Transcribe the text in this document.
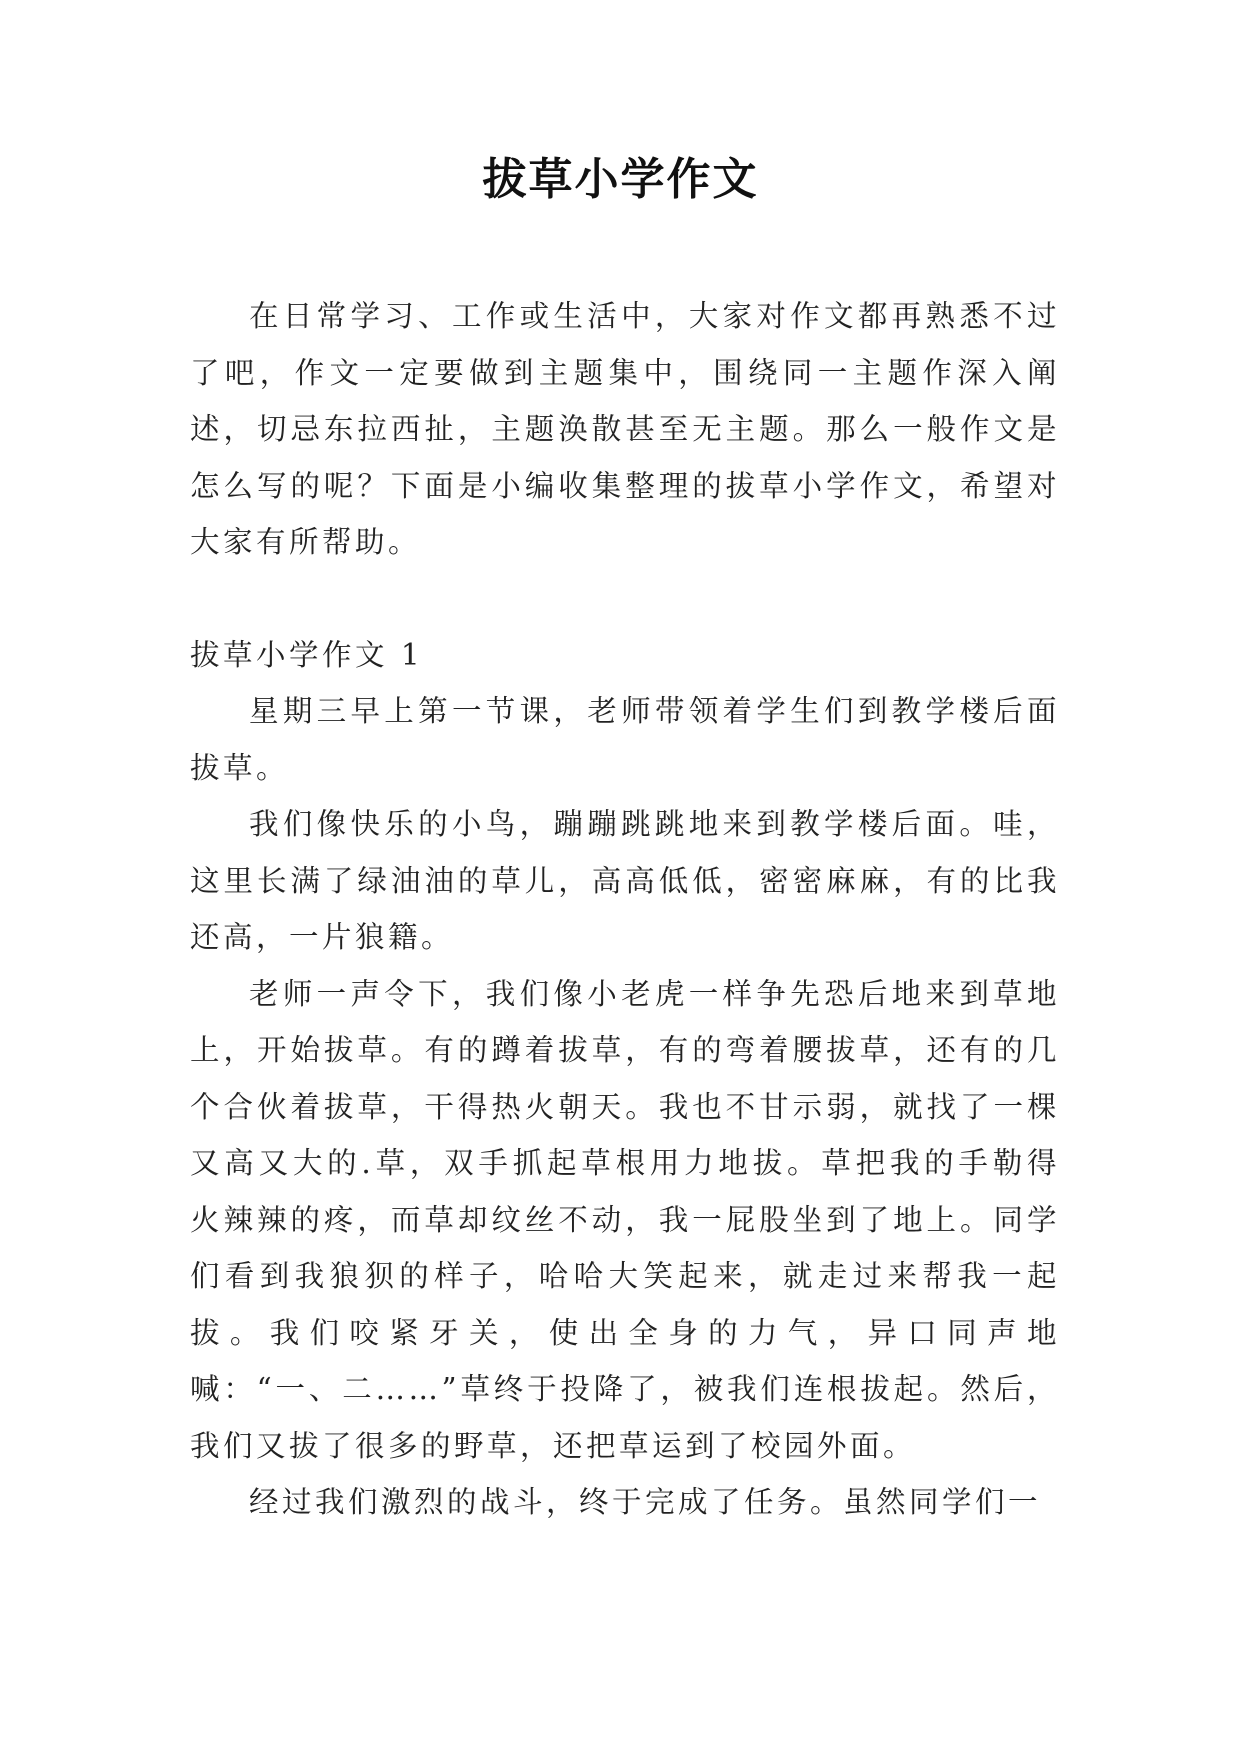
拔草小学作文

在日常学习、工作或生活中，大家对作文都再熟悉不过了吧，作文一定要做到主题集中，围绕同一主题作深入阐述，切忌东拉西扯，主题涣散甚至无主题。那么一般作文是怎么写的呢？下面是小编收集整理的拔草小学作文，希望对大家有所帮助。

拔草小学作文 1

星期三早上第一节课，老师带领着学生们到教学楼后面拔草。

我们像快乐的小鸟，蹦蹦跳跳地来到教学楼后面。哇，这里长满了绿油油的草儿，高高低低，密密麻麻，有的比我还高，一片狼籍。

老师一声令下，我们像小老虎一样争先恐后地来到草地上，开始拔草。有的蹲着拔草，有的弯着腰拔草，还有的几个合伙着拔草，干得热火朝天。我也不甘示弱，就找了一棵又高又大的.草，双手抓起草根用力地拔。草把我的手勒得火辣辣的疼，而草却纹丝不动，我一屁股坐到了地上。同学们看到我狼狈的样子，哈哈大笑起来，就走过来帮我一起拔。我们咬紧牙关，使出全身的力气，异口同声地喊：“一、二……”草终于投降了，被我们连根拔起。然后，我们又拔了很多的野草，还把草运到了校园外面。

经过我们激烈的战斗，终于完成了任务。虽然同学们一
